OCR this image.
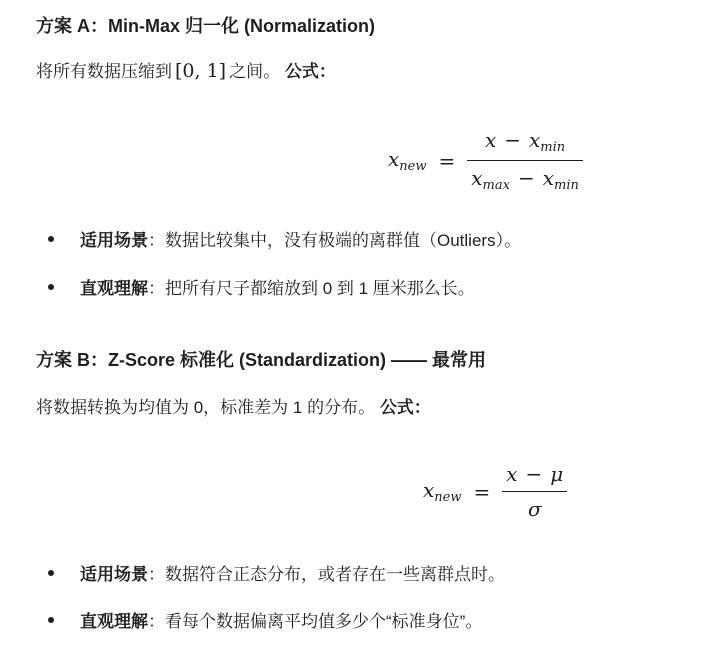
方案 A：Min-Max 归一化 (Normalization)
将所有数据压缩到 [0, 1] 之间。 公式：
$x_{new} = \frac{x - x_{min}}{x_{max} - x_{min}}$
适用场景 ：数据比较集中，没有极端的离群值（Outliers）。
直观理解 ：把所有尺子都缩放到 0 到 1 厘米那么长。
方案 B：Z-Score 标准化 (Standardization) —— 最常用
将数据转换为均值为 0，标准差为 1 的分布。 公式：
$x_{new} = \frac{x - \mu}{\sigma}$
适用场景 ：数据符合正态分布，或者存在一些离群点时。
直观理解 ：看每个数据偏离平均值多少个“标准身位”。
